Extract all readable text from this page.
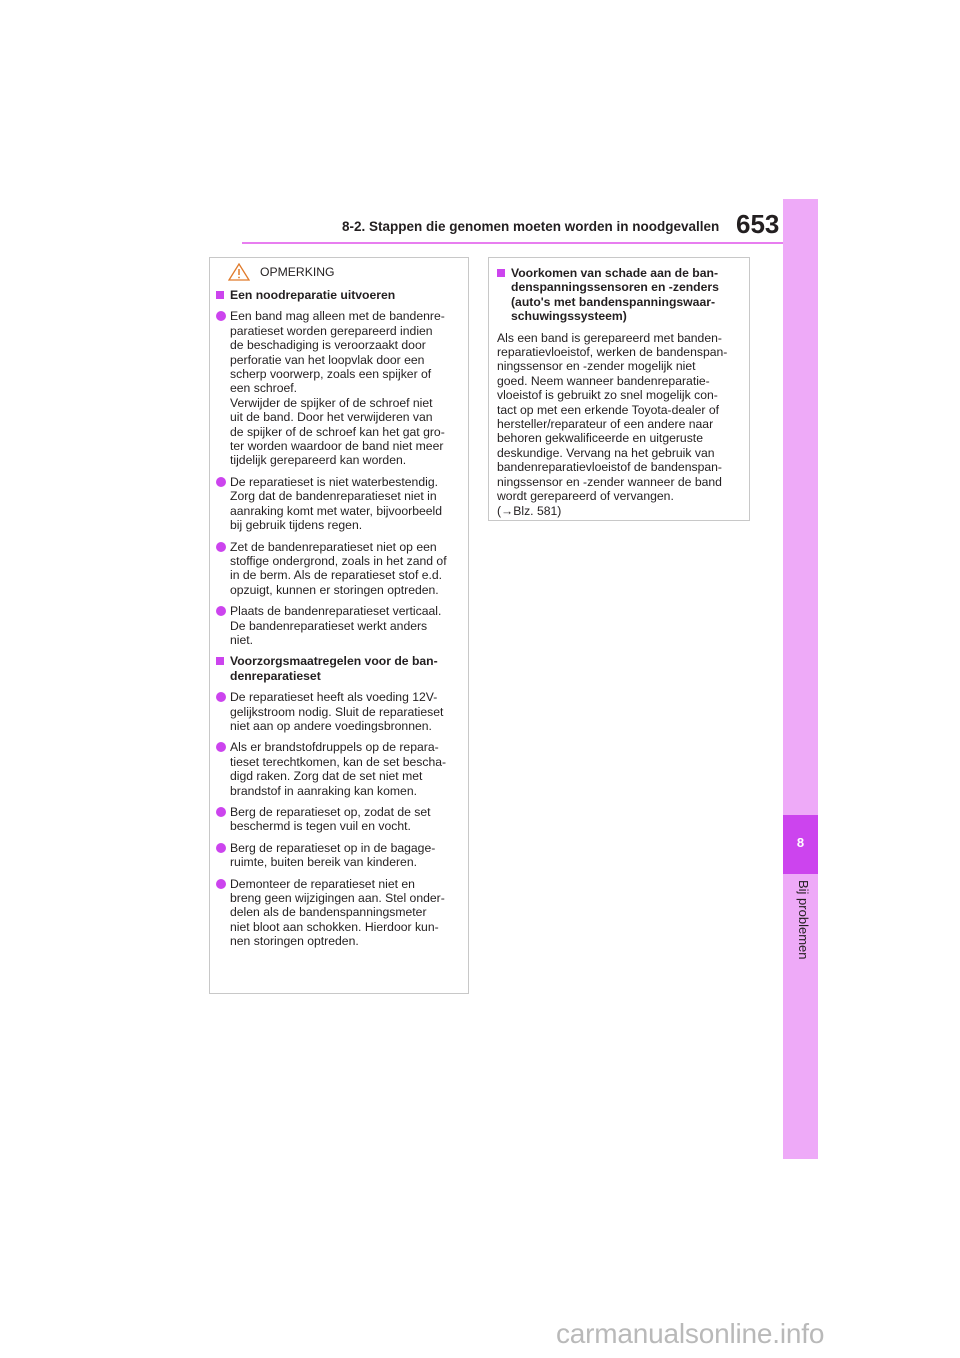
653
8-2. Stappen die genomen moeten worden in noodgevallen
8
Bij problemen
OPMERKING
Een noodreparatie uitvoeren
Een band mag alleen met de bandenre-
paratieset worden gerepareerd indien
de beschadiging is veroorzaakt door
perforatie van het loopvlak door een
scherp voorwerp, zoals een spijker of
een schroef.
Verwijder de spijker of de schroef niet
uit de band. Door het verwijderen van
de spijker of de schroef kan het gat gro-
ter worden waardoor de band niet meer
tijdelijk gerepareerd kan worden.
De reparatieset is niet waterbestendig.
Zorg dat de bandenreparatieset niet in
aanraking komt met water, bijvoorbeeld
bij gebruik tijdens regen.
Zet de bandenreparatieset niet op een
stoffige ondergrond, zoals in het zand of
in de berm. Als de reparatieset stof e.d.
opzuigt, kunnen er storingen optreden.
Plaats de bandenreparatieset verticaal.
De bandenreparatieset werkt anders
niet.
Voorzorgsmaatregelen voor de ban-
denreparatieset
De reparatieset heeft als voeding 12V-
gelijkstroom nodig. Sluit de reparatieset
niet aan op andere voedingsbronnen.
Als er brandstofdruppels op de repara-
tieset terechtkomen, kan de set bescha-
digd raken. Zorg dat de set niet met
brandstof in aanraking kan komen.
Berg de reparatieset op, zodat de set
beschermd is tegen vuil en vocht.
Berg de reparatieset op in de bagage-
ruimte, buiten bereik van kinderen.
Demonteer de reparatieset niet en
breng geen wijzigingen aan. Stel onder-
delen als de bandenspanningsmeter
niet bloot aan schokken. Hierdoor kun-
nen storingen optreden.
Voorkomen van schade aan de ban-
denspanningssensoren en -zenders
(auto's met bandenspanningswaar-
schuwingssysteem)
Als een band is gerepareerd met banden-
reparatievloeistof, werken de bandenspan-
ningssensor en -zender mogelijk niet
goed. Neem wanneer bandenreparatie-
vloeistof is gebruikt zo snel mogelijk con-
tact op met een erkende Toyota-dealer of
hersteller/reparateur of een andere naar
behoren gekwalificeerde en uitgeruste
deskundige. Vervang na het gebruik van
bandenreparatievloeistof de bandenspan-
ningssensor en -zender wanneer de band
wordt gerepareerd of vervangen.
(→Blz. 581)
carmanualsonline.info
